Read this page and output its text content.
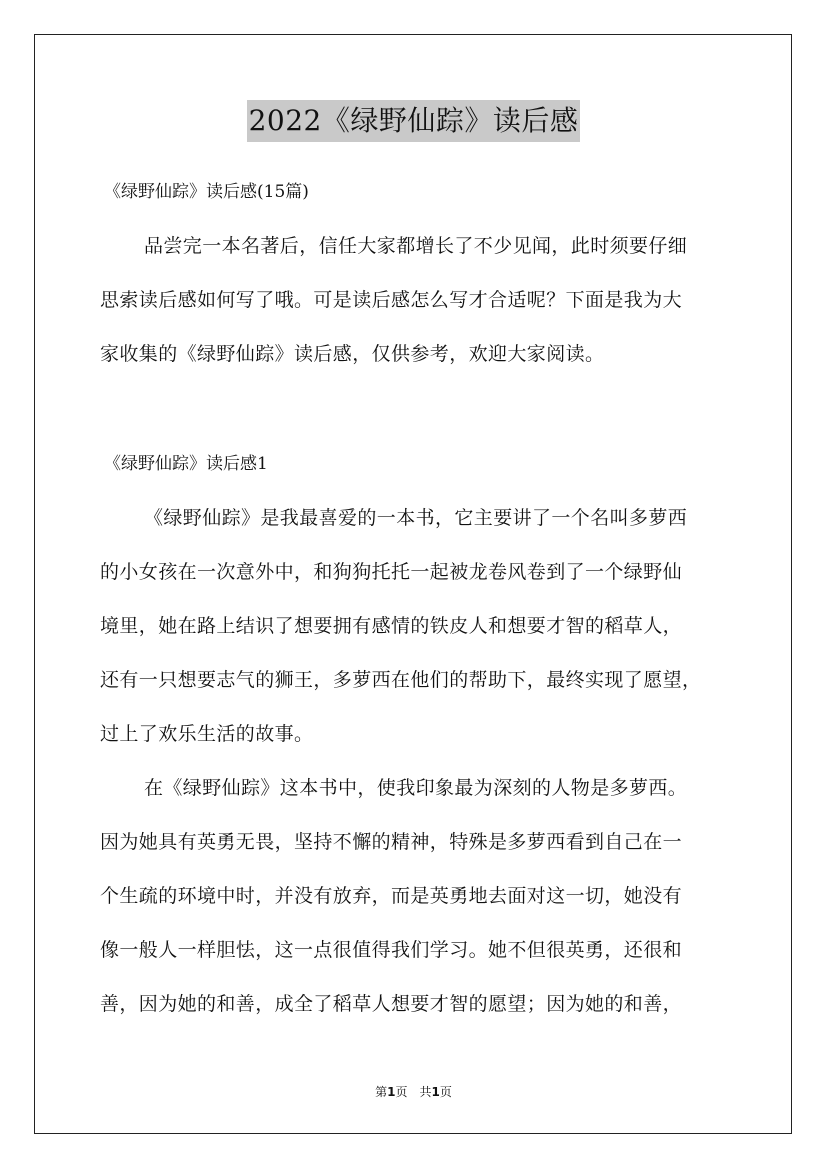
2022《绿野仙踪》读后感

《绿野仙踪》读后感(15篇)

品尝完一本名著后，信任大家都增长了不少见闻，此时须要仔细
思索读后感如何写了哦。可是读后感怎么写才合适呢？下面是我为大
家收集的《绿野仙踪》读后感，仅供参考，欢迎大家阅读。

《绿野仙踪》读后感1

《绿野仙踪》是我最喜爱的一本书，它主要讲了一个名叫多萝西
的小女孩在一次意外中，和狗狗托托一起被龙卷风卷到了一个绿野仙
境里，她在路上结识了想要拥有感情的铁皮人和想要才智的稻草人，
还有一只想要志气的狮王，多萝西在他们的帮助下，最终实现了愿望，
过上了欢乐生活的故事。
在《绿野仙踪》这本书中，使我印象最为深刻的人物是多萝西。
因为她具有英勇无畏，坚持不懈的精神，特殊是多萝西看到自己在一
个生疏的环境中时，并没有放弃，而是英勇地去面对这一切，她没有
像一般人一样胆怯，这一点很值得我们学习。她不但很英勇，还很和
善，因为她的和善，成全了稻草人想要才智的愿望；因为她的和善，
第1页　共1页
